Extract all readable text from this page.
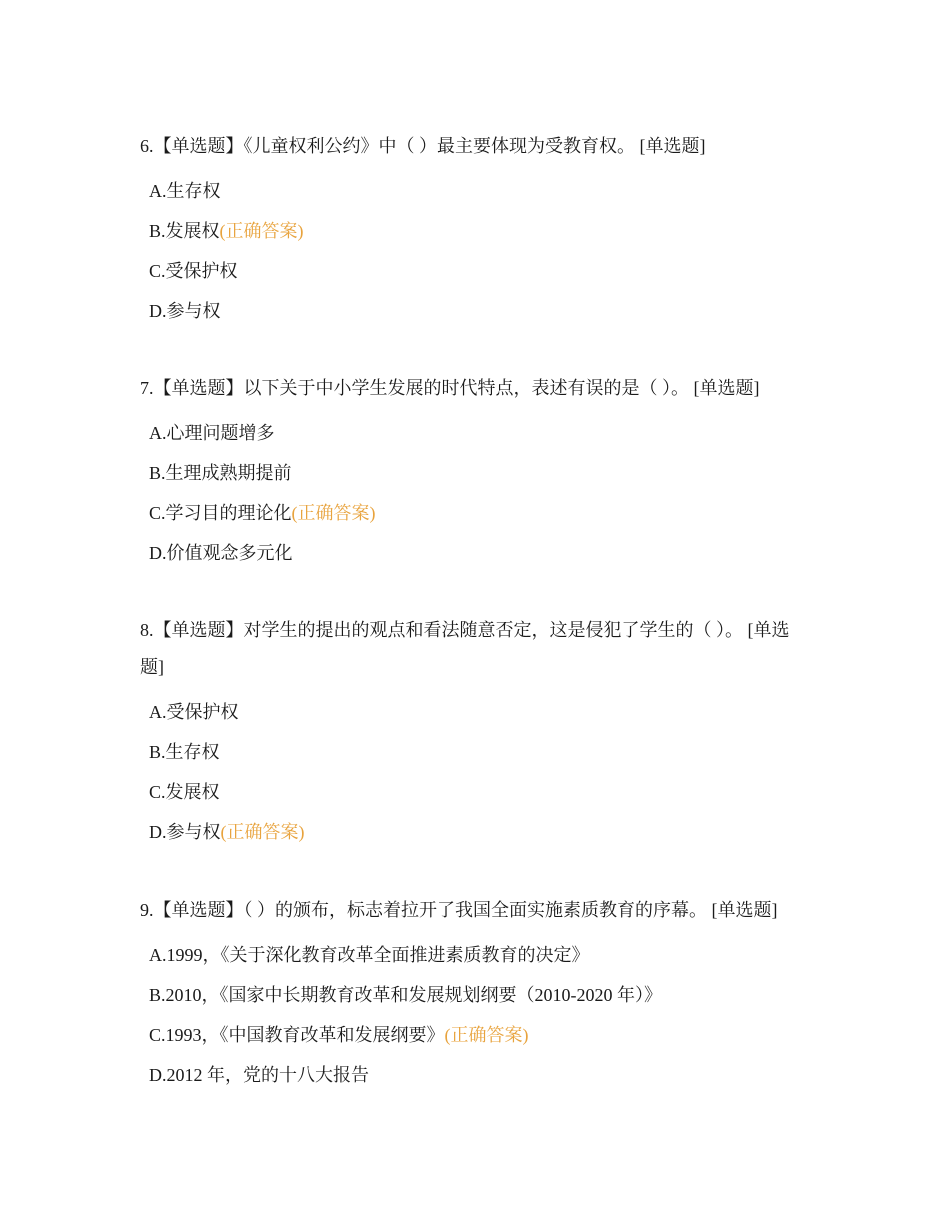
6.【单选题】《儿童权利公约》中（ ）最主要体现为受教育权。 [单选题]

A.生存权
B.发展权(正确答案)
C.受保护权
D.参与权

7.【单选题】以下关于中小学生发展的时代特点，表述有误的是（ ）。 [单选题]

A.心理问题增多
B.生理成熟期提前
C.学习目的理论化(正确答案)
D.价值观念多元化

8.【单选题】对学生的提出的观点和看法随意否定，这是侵犯了学生的（ ）。 [单选题]

A.受保护权
B.生存权
C.发展权
D.参与权(正确答案)

9.【单选题】（ ）的颁布，标志着拉开了我国全面实施素质教育的序幕。 [单选题]

A.1999，《关于深化教育改革全面推进素质教育的决定》
B.2010，《国家中长期教育改革和发展规划纲要（2010-2020 年）》
C.1993，《中国教育改革和发展纲要》(正确答案)
D.2012 年，党的十八大报告
